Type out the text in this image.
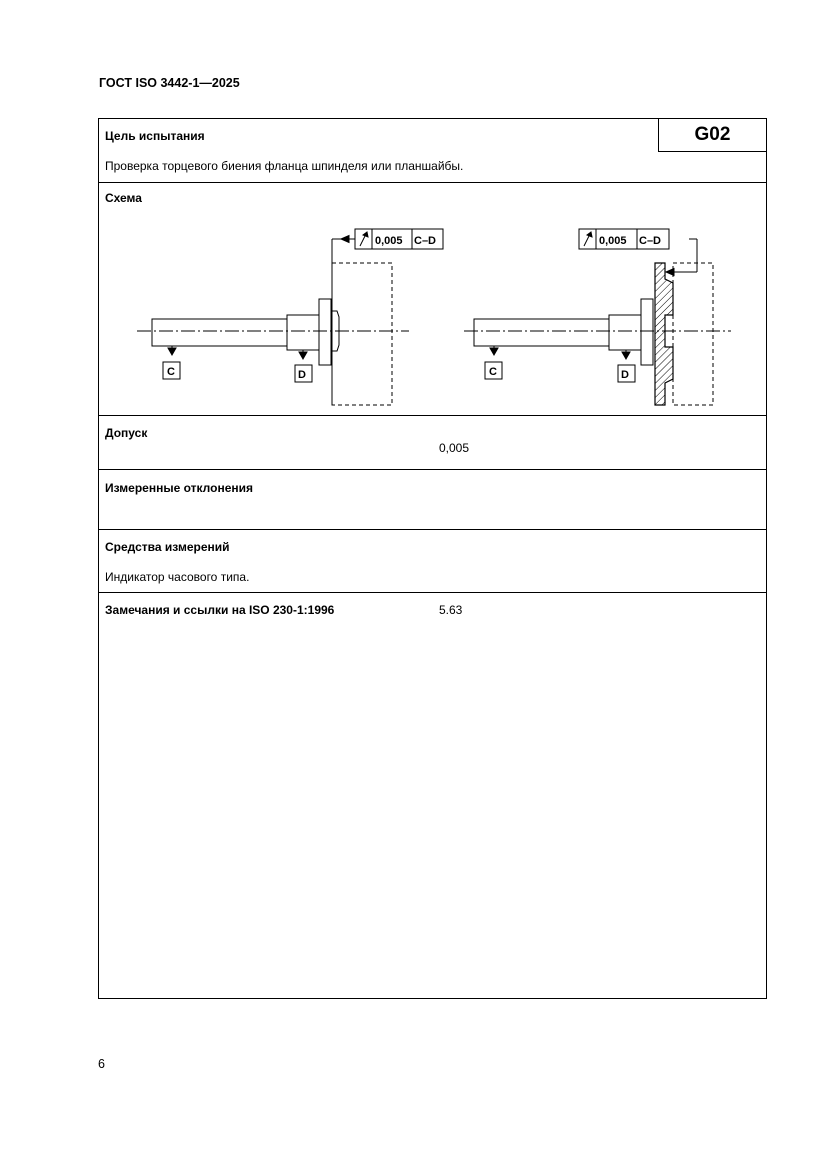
ГОСТ ISO 3442-1—2025
G02
Цель испытания
Проверка торцевого биения фланца шпинделя или планшайбы.
Схема
0,005 C–D
C	D
0,005 C–D
C	D
Допуск
0,005
Измеренные отклонения
Средства измерений
Индикатор часового типа.
Замечания и ссылки на ISO 230-1:1996	5.63
6
